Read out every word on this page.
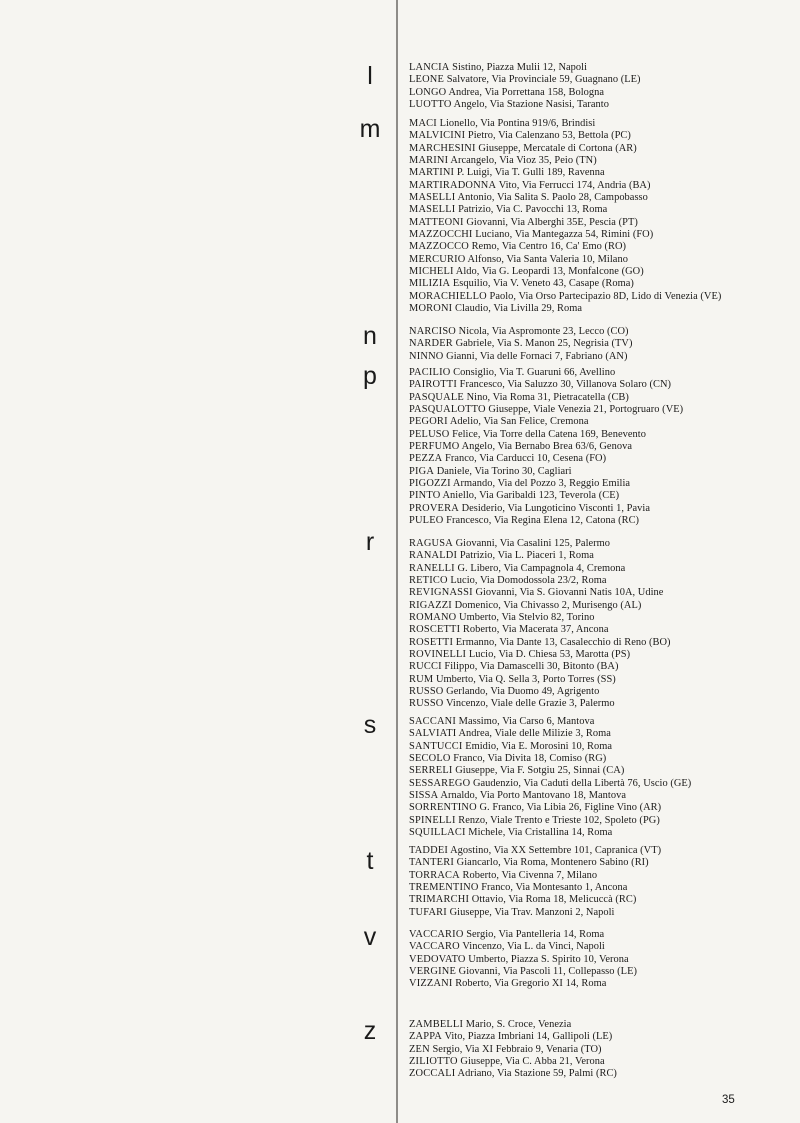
l	LANCIA Sistino, Piazza Mulii 12, Napoli
LEONE Salvatore, Via Provinciale 59, Guagnano (LE)
LONGO Andrea, Via Porrettana 158, Bologna
LUOTTO Angelo, Via Stazione Nasisi, Taranto
m	MACI Lionello, Via Pontina 919/6, Brindisi
MALVICINI Pietro, Via Calenzano 53, Bettola (PC)
MARCHESINI Giuseppe, Mercatale di Cortona (AR)
MARINI Arcangelo, Via Vioz 35, Peio (TN)
MARTINI P. Luigi, Via T. Gulli 189, Ravenna
MARTIRADONNA Vito, Via Ferrucci 174, Andria (BA)
MASELLI Antonio, Via Salita S. Paolo 28, Campobasso
MASELLI Patrizio, Via C. Pavocchi 13, Roma
MATTEONI Giovanni, Via Alberghi 35E, Pescia (PT)
MAZZOCCHI Luciano, Via Mantegazza 54, Rimini (FO)
MAZZOCCO Remo, Via Centro 16, Ca' Emo (RO)
MERCURIO Alfonso, Via Santa Valeria 10, Milano
MICHELI Aldo, Via G. Leopardi 13, Monfalcone (GO)
MILIZIA Esquilio, Via V. Veneto 43, Casape (Roma)
MORACHIELLO Paolo, Via Orso Partecipazio 8D, Lido di Venezia (VE)
MORONI Claudio, Via Livilla 29, Roma
n	NARCISO Nicola, Via Aspromonte 23, Lecco (CO)
NARDER Gabriele, Via S. Manon 25, Negrisia (TV)
NINNO Gianni, Via delle Fornaci 7, Fabriano (AN)
p	PACILIO Consiglio, Via T. Guaruni 66, Avellino
PAIROTTI Francesco, Via Saluzzo 30, Villanova Solaro (CN)
PASQUALE Nino, Via Roma 31, Pietracatella (CB)
PASQUALOTTO Giuseppe, Viale Venezia 21, Portogruaro (VE)
PEGORI Adelio, Via San Felice, Cremona
PELUSO Felice, Via Torre della Catena 169, Benevento
PERFUMO Angelo, Via Bernabo Brea 63/6, Genova
PEZZA Franco, Via Carducci 10, Cesena (FO)
PIGA Daniele, Via Torino 30, Cagliari
PIGOZZI Armando, Via del Pozzo 3, Reggio Emilia
PINTO Aniello, Via Garibaldi 123, Teverola (CE)
PROVERA Desiderio, Via Lungoticino Visconti 1, Pavia
PULEO Francesco, Via Regina Elena 12, Catona (RC)
r	RAGUSA Giovanni, Via Casalini 125, Palermo
RANALDI Patrizio, Via L. Piaceri 1, Roma
RANELLI G. Libero, Via Campagnola 4, Cremona
RETICO Lucio, Via Domodossola 23/2, Roma
REVIGNASSI Giovanni, Via S. Giovanni Natis 10A, Udine
RIGAZZI Domenico, Via Chivasso 2, Murisengo (AL)
ROMANO Umberto, Via Stelvio 82, Torino
ROSCETTI Roberto, Via Macerata 37, Ancona
ROSETTI Ermanno, Via Dante 13, Casalecchio di Reno (BO)
ROVINELLI Lucio, Via D. Chiesa 53, Marotta (PS)
RUCCI Filippo, Via Damascelli 30, Bitonto (BA)
RUM Umberto, Via Q. Sella 3, Porto Torres (SS)
RUSSO Gerlando, Via Duomo 49, Agrigento
RUSSO Vincenzo, Viale delle Grazie 3, Palermo
s	SACCANI Massimo, Via Carso 6, Mantova
SALVIATI Andrea, Viale delle Milizie 3, Roma
SANTUCCI Emidio, Via E. Morosini 10, Roma
SECOLO Franco, Via Divita 18, Comiso (RG)
SERRELI Giuseppe, Via F. Sotgiu 25, Sinnai (CA)
SESSAREGO Gaudenzio, Via Caduti della Libertà 76, Uscio (GE)
SISSA Arnaldo, Via Porto Mantovano 18, Mantova
SORRENTINO G. Franco, Via Libia 26, Figline Vino (AR)
SPINELLI Renzo, Viale Trento e Trieste 102, Spoleto (PG)
SQUILLACI Michele, Via Cristallina 14, Roma
t	TADDEI Agostino, Via XX Settembre 101, Capranica (VT)
TANTERI Giancarlo, Via Roma, Montenero Sabino (RI)
TORRACA Roberto, Via Civenna 7, Milano
TREMENTINO Franco, Via Montesanto 1, Ancona
TRIMARCHI Ottavio, Via Roma 18, Melicuccà (RC)
TUFARI Giuseppe, Via Trav. Manzoni 2, Napoli
v	VACCARIO Sergio, Via Pantelleria 14, Roma
VACCARO Vincenzo, Via L. da Vinci, Napoli
VEDOVATO Umberto, Piazza S. Spirito 10, Verona
VERGINE Giovanni, Via Pascoli 11, Collepasso (LE)
VIZZANI Roberto, Via Gregorio XI 14, Roma
z	ZAMBELLI Mario, S. Croce, Venezia
ZAPPA Vito, Piazza Imbriani 14, Gallipoli (LE)
ZEN Sergio, Via XI Febbraio 9, Venaria (TO)
ZILIOTTO Giuseppe, Via C. Abba 21, Verona
ZOCCALI Adriano, Via Stazione 59, Palmi (RC)
35
